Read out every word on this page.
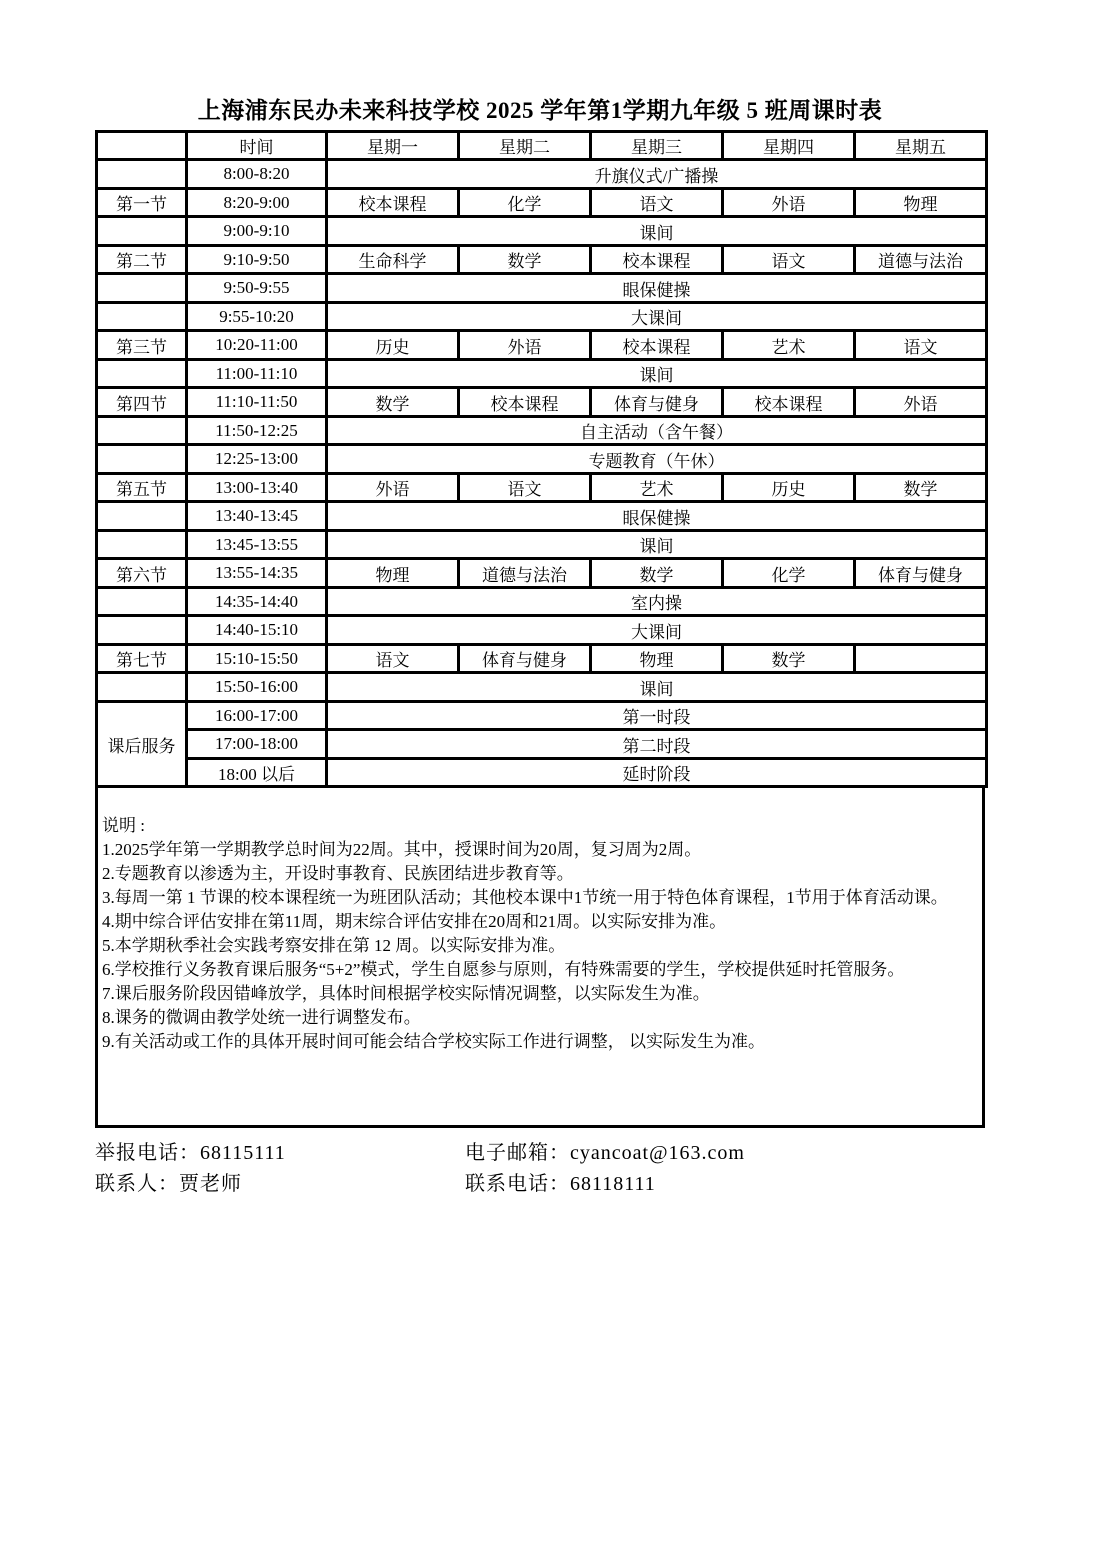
上海浦东民办未来科技学校 2025 学年第1学期九年级 5 班周课时表
	时间	星期一	星期二	星期三	星期四	星期五
	8:00-8:20	升旗仪式/广播操				
第一节	8:20-9:00	校本课程	化学	语文	外语	物理
	9:00-9:10	课间				
第二节	9:10-9:50	生命科学	数学	校本课程	语文	道德与法治
	9:50-9:55	眼保健操				
	9:55-10:20	大课间				
第三节	10:20-11:00	历史	外语	校本课程	艺术	语文
	11:00-11:10	课间				
第四节	11:10-11:50	数学	校本课程	体育与健身	校本课程	外语
	11:50-12:25	自主活动（含午餐）				
	12:25-13:00	专题教育（午休）				
第五节	13:00-13:40	外语	语文	艺术	历史	数学
	13:40-13:45	眼保健操				
	13:45-13:55	课间				
第六节	13:55-14:35	物理	道德与法治	数学	化学	体育与健身
	14:35-14:40	室内操				
	14:40-15:10	大课间				
第七节	15:10-15:50	语文	体育与健身	物理	数学	
	15:50-16:00	课间				
课后服务	16:00-17:00	第一时段				
	17:00-18:00	第二时段				
	18:00 以后	延时阶段				
说明 :
1.2025学年第一学期教学总时间为22周。其中，授课时间为20周，复习周为2周。
2.专题教育以渗透为主，开设时事教育、民族团结进步教育等。
3.每周一第 1 节课的校本课程统一为班团队活动；其他校本课中1节统一用于特色体育课程，1节用于体育活动课。
4.期中综合评估安排在第11周，期末综合评估安排在20周和21周。以实际安排为准。
5.本学期秋季社会实践考察安排在第 12 周。以实际安排为准。
6.学校推行义务教育课后服务“5+2”模式，学生自愿参与原则，有特殊需要的学生，学校提供延时托管服务。
7.课后服务阶段因错峰放学，具体时间根据学校实际情况调整，以实际发生为准。
8.课务的微调由教学处统一进行调整发布。
9.有关活动或工作的具体开展时间可能会结合学校实际工作进行调整， 以实际发生为准。
举报电话：68115111	电子邮箱：cyancoat@163.com
联系人：贾老师	联系电话：68118111
